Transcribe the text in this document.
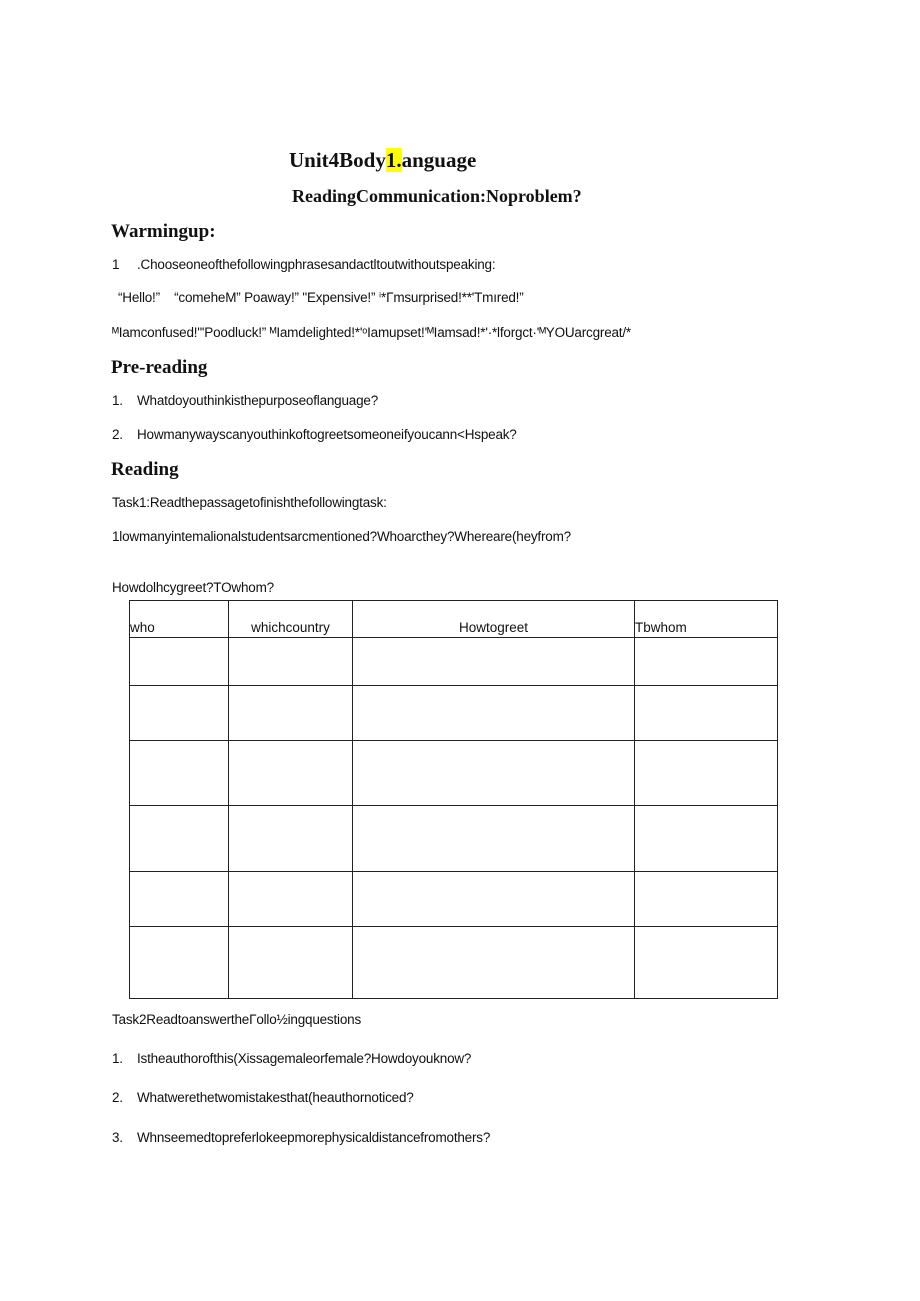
Unit4Body1.anguage
ReadingCommunication:Noproblem?
Warmingup:
1 .Chooseoneofthefollowingphrasesandactltoutwithoutspeaking:
“Hello!”    “comeheM” Poaway!” "Expensive!” ⁱ*Γmsurprised!**'Tmıred!”
ᴹIamconfused!"'Poodluck!” ᴹIamdelighted!*'ᵒIamupset!'ᴹIamsad!*'·*lforgct·'ᴹYOUarcgreat/*
Pre-reading
1. Whatdoyouthinkisthepurposeoflanguage?
2. Howmanywayscanyouthinkoftogreetsomeoneifyoucann<Hspeak?
Reading
Task1:Readthepassagetofinishthefollowingtask:
1lowmanyintemalionalstudentsarcmentioned?Whoarcthey?Whereare(heyfrom?
Howdolhcygreet?TOwhom?
who	whichcountry	Howtogreet	Tbwhom

Task2ReadtoanswertheΓollo½ingquestions
1. Istheauthorofthis(Xissagemaleorfemale?Howdoyouknow?
2. Whatwerethetwomistakesthat(heauthornoticed?
3. Whnseemedtopreferlokeepmorephysicaldistancefromothers?
